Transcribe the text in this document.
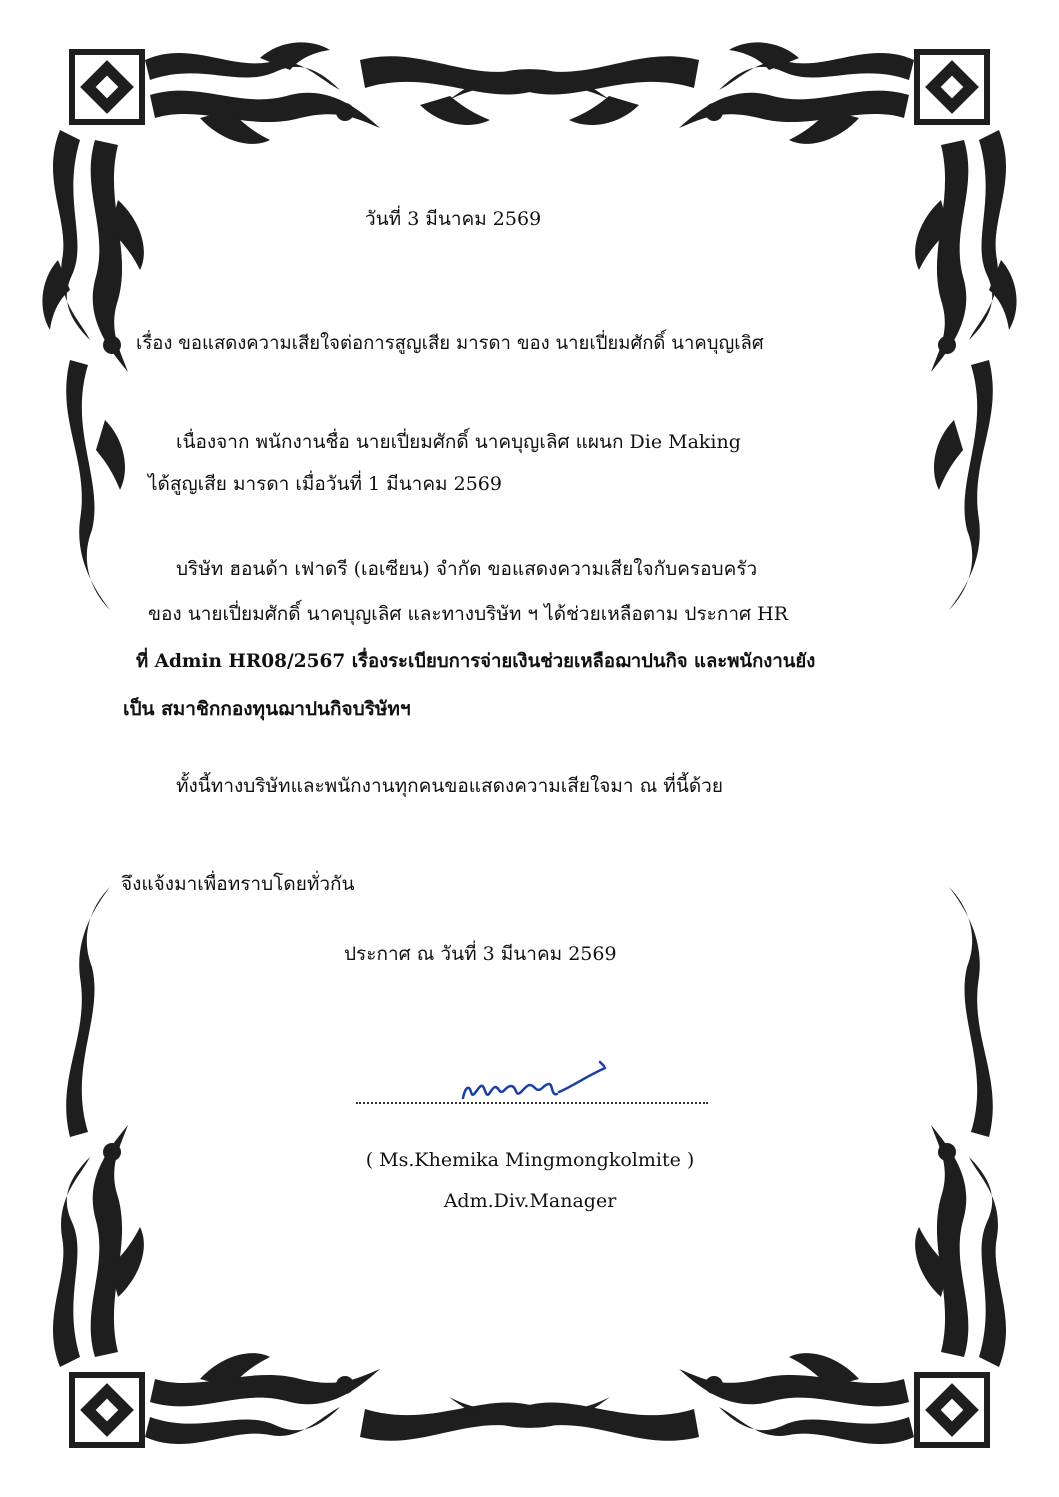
วันที่ 3 มีนาคม 2569
เรื่อง ขอแสดงความเสียใจต่อการสูญเสีย มารดา ของ นายเปี่ยมศักดิ์ นาคบุญเลิศ
เนื่องจาก พนักงานชื่อ นายเปี่ยมศักดิ์ นาคบุญเลิศ แผนก Die Making
ได้สูญเสีย มารดา เมื่อวันที่ 1 มีนาคม 2569
บริษัท ฮอนด้า เฟาดรี (เอเซียน) จำกัด ขอแสดงความเสียใจกับครอบครัว
ของ นายเปี่ยมศักดิ์ นาคบุญเลิศ และทางบริษัท ฯ ได้ช่วยเหลือตาม ประกาศ HR
ที่ Admin HR08/2567 เรื่องระเบียบการจ่ายเงินช่วยเหลือฌาปนกิจ และพนักงานยัง
เป็น สมาชิกกองทุนฌาปนกิจบริษัทฯ
ทั้งนี้ทางบริษัทและพนักงานทุกคนขอแสดงความเสียใจมา ณ ที่นี้ด้วย
จึงแจ้งมาเพื่อทราบโดยทั่วกัน
ประกาศ ณ วันที่ 3 มีนาคม 2569
( Ms.Khemika Mingmongkolmite )
Adm.Div.Manager
